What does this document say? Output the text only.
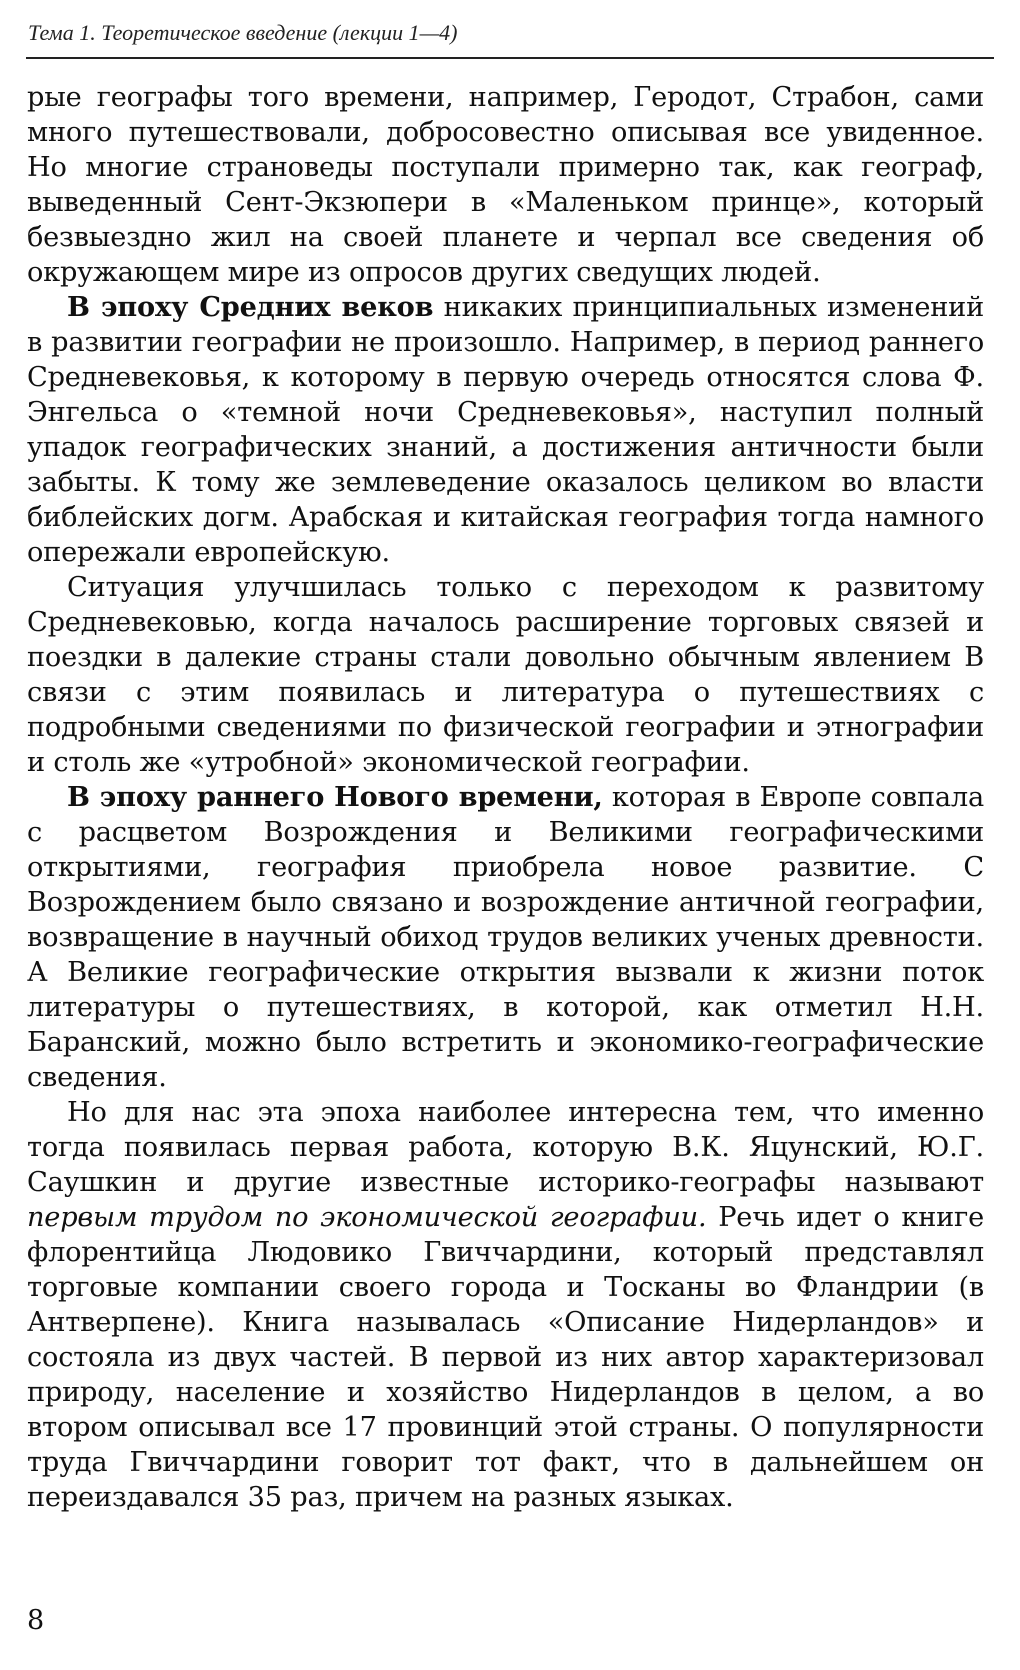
Тема 1. Теоретическое введение (лекции 1—4)

рые географы того времени, например, Геродот, Страбон, сами много путешествовали, добросовестно описывая все увиденное. Но многие страноведы поступали примерно так, как географ, выведенный Сент-Экзюпери в «Маленьком принце», который безвыездно жил на своей планете и черпал все сведения об окружающем мире из опросов других сведущих людей.

В эпоху Средних веков никаких принципиальных изменений в развитии географии не произошло. Например, в период раннего Средневековья, к которому в первую очередь относятся слова Ф. Энгельса о «темной ночи Средневековья», наступил полный упадок географических знаний, а достижения античности были забыты. К тому же землеведение оказалось целиком во власти библейских догм. Арабская и китайская география тогда намного опережали европейскую.

Ситуация улучшилась только с переходом к развитому Средневековью, когда началось расширение торговых связей и поездки в далекие страны стали довольно обычным явлением В связи с этим появилась и литература о путешествиях с подробными сведениями по физической географии и этнографии и столь же «утробной» экономической географии.

В эпоху раннего Нового времени, которая в Европе совпала с расцветом Возрождения и Великими географическими открытиями, география приобрела новое развитие. С Возрождением было связано и возрождение античной географии, возвращение в научный обиход трудов великих ученых древности. А Великие географические открытия вызвали к жизни поток литературы о путешествиях, в которой, как отметил Н.Н. Баранский, можно было встретить и экономико-географические сведения.

Но для нас эта эпоха наиболее интересна тем, что именно тогда появилась первая работа, которую В.К. Яцунский, Ю.Г. Саушкин и другие известные историко-географы называют первым трудом по экономической географии. Речь идет о книге флорентийца Людовико Гвиччардини, который представлял торговые компании своего города и Тосканы во Фландрии (в Антверпене). Книга называлась «Описание Нидерландов» и состояла из двух частей. В первой из них автор характеризовал природу, население и хозяйство Нидерландов в целом, а во втором описывал все 17 провинций этой страны. О популярности труда Гвиччардини говорит тот факт, что в дальнейшем он переиздавался 35 раз, причем на разных языках.

8
